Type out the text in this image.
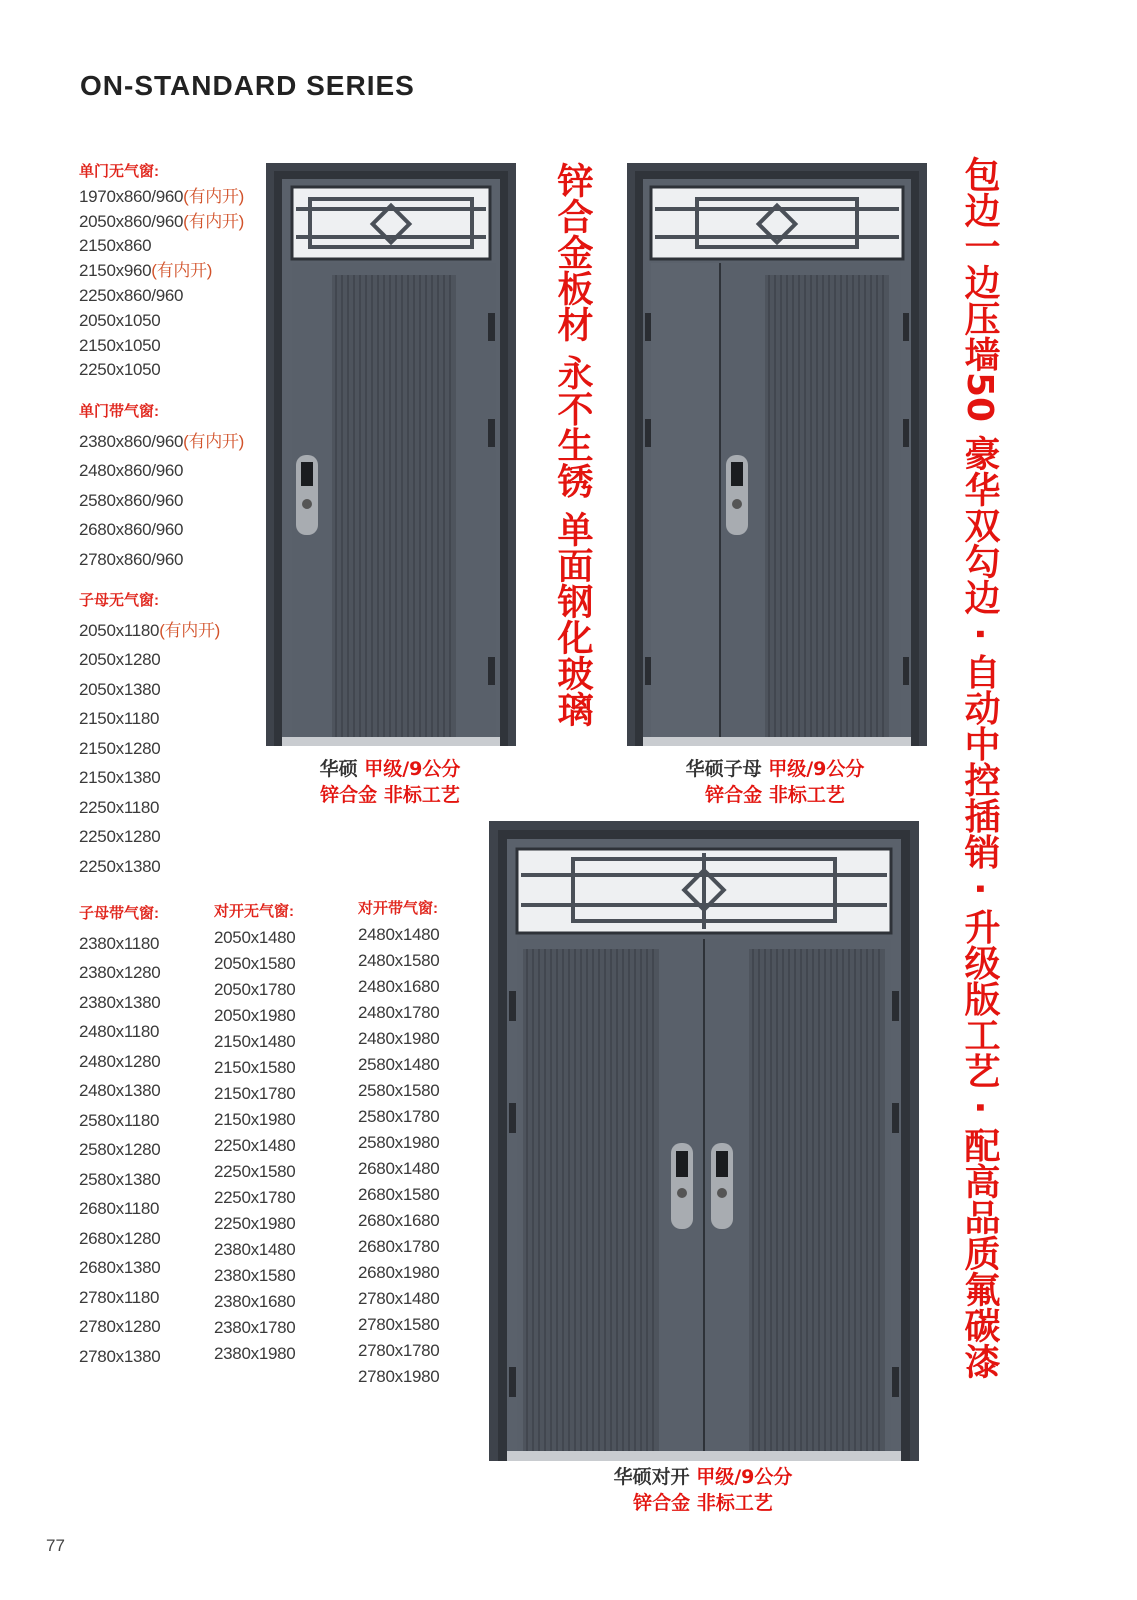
ON-STANDARD SERIES
单门无气窗:
1970x860/960(有内开)
2050x860/960(有内开)
2150x860
2150x960(有内开)
2250x860/960
2050x1050
2150x1050
2250x1050
单门带气窗:
2380x860/960(有内开)
2480x860/960
2580x860/960
2680x860/960
2780x860/960
子母无气窗:
2050x1180(有内开)
2050x1280
2050x1380
2150x1180
2150x1280
2150x1380
2250x1180
2250x1280
2250x1380
子母带气窗:
2380x1180
2380x1280
2380x1380
2480x1180
2480x1280
2480x1380
2580x1180
2580x1280
2580x1380
2680x1180
2680x1280
2680x1380
2780x1180
2780x1280
2780x1380
对开无气窗:
2050x1480
2050x1580
2050x1780
2050x1980
2150x1480
2150x1580
2150x1780
2150x1980
2250x1480
2250x1580
2250x1780
2250x1980
2380x1480
2380x1580
2380x1680
2380x1780
2380x1980
对开带气窗:
2480x1480
2480x1580
2480x1680
2480x1780
2480x1980
2580x1480
2580x1580
2580x1780
2580x1980
2680x1480
2680x1580
2680x1680
2680x1780
2680x1980
2780x1480
2780x1580
2780x1780
2780x1980
锌合金板材 永不生锈 单面钢化玻璃	包边一边压墙50 豪华双勾边 · 自动中控插销 · 升级版工艺 · 配高品质氟碳漆
华硕 甲级/9公分
锌合金 非标工艺
华硕子母 甲级/9公分
锌合金 非标工艺
华硕对开 甲级/9公分
锌合金 非标工艺
77
